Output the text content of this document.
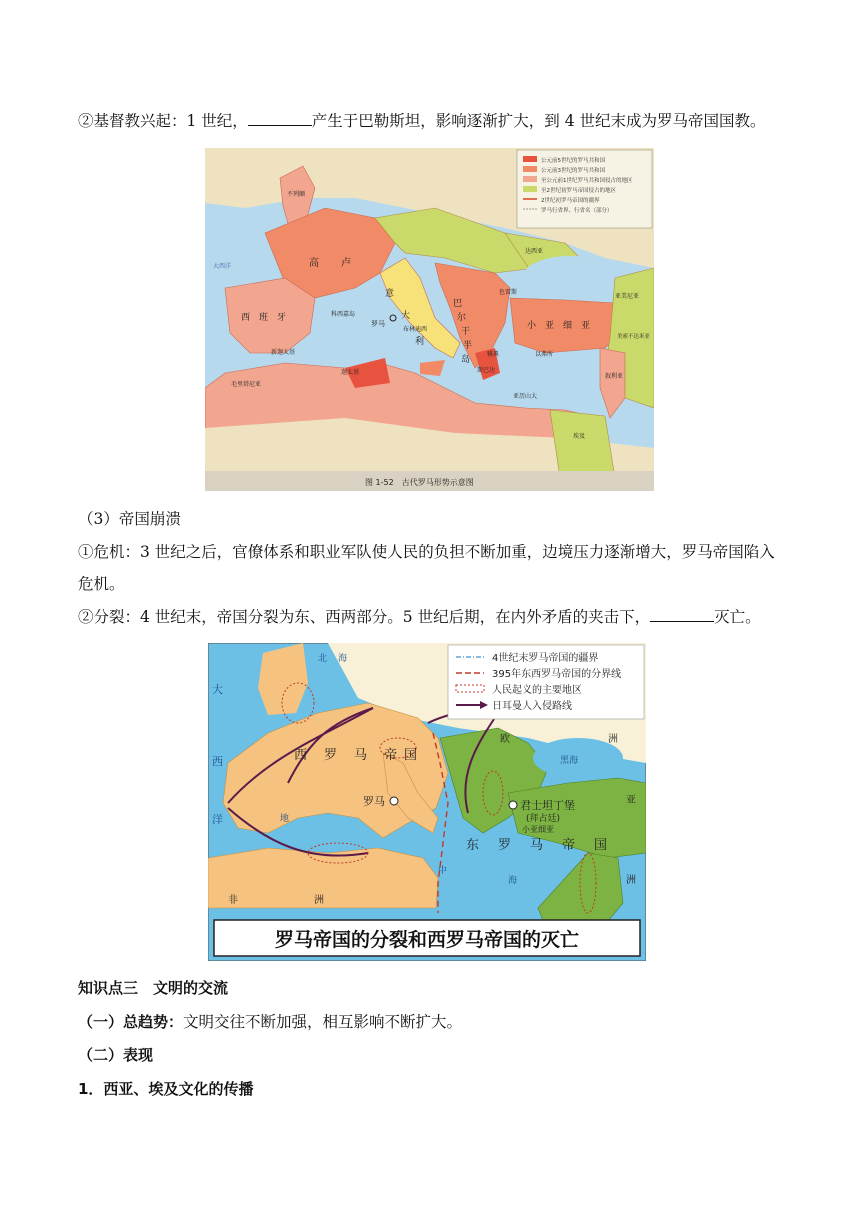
②基督教兴起：1 世纪，	产生于巴勒斯坦，影响逐渐扩大，到 4 世纪末成为罗马帝国国教。
公元前5世纪的罗马共和国
公元前3世纪的罗马共和国
至公元前1世纪罗马共和国侵占的地区
至2世纪初罗马帝国侵占的地区
2世纪初罗马帝国的疆界
罗马行省界、行省名（部分）
高 卢
西　班　牙
意
大
利
罗马
科西嘉岛
布林迪西
新迦太基
迦太基
巴
尔
干
半
岛
雅典
斯巴达
以弗所
小　亚　细　亚
亚历山大
不列颠
毛里塔尼亚
色雷斯
叙利亚
埃及
大西洋
达西亚
亚美尼亚
美索不达米亚
图 1-52　古代罗马形势示意图
（3）帝国崩溃
①危机：3 世纪之后，官僚体系和职业军队使人民的负担不断加重，边境压力逐渐增大，罗马帝国陷入
危机。
②分裂：4 世纪末，帝国分裂为东、西两部分。5 世纪后期，在内外矛盾的夹击下，	灭亡。
4世纪末罗马帝国的疆界
395年东西罗马帝国的分界线
人民起义的主要地区
日耳曼人入侵路线
西 罗 马 帝 国
东 罗 马 帝 国
罗马	君士坦丁堡
(拜占廷)
小亚细亚
欧	洲
亚
洲
非	洲
大
西
洋
北 海
地
中
海
黑海
罗马帝国的分裂和西罗马帝国的灭亡
知识点三　文明的交流
（一）总趋势：文明交往不断加强，相互影响不断扩大。
（二）表现
1．西亚、埃及文化的传播
